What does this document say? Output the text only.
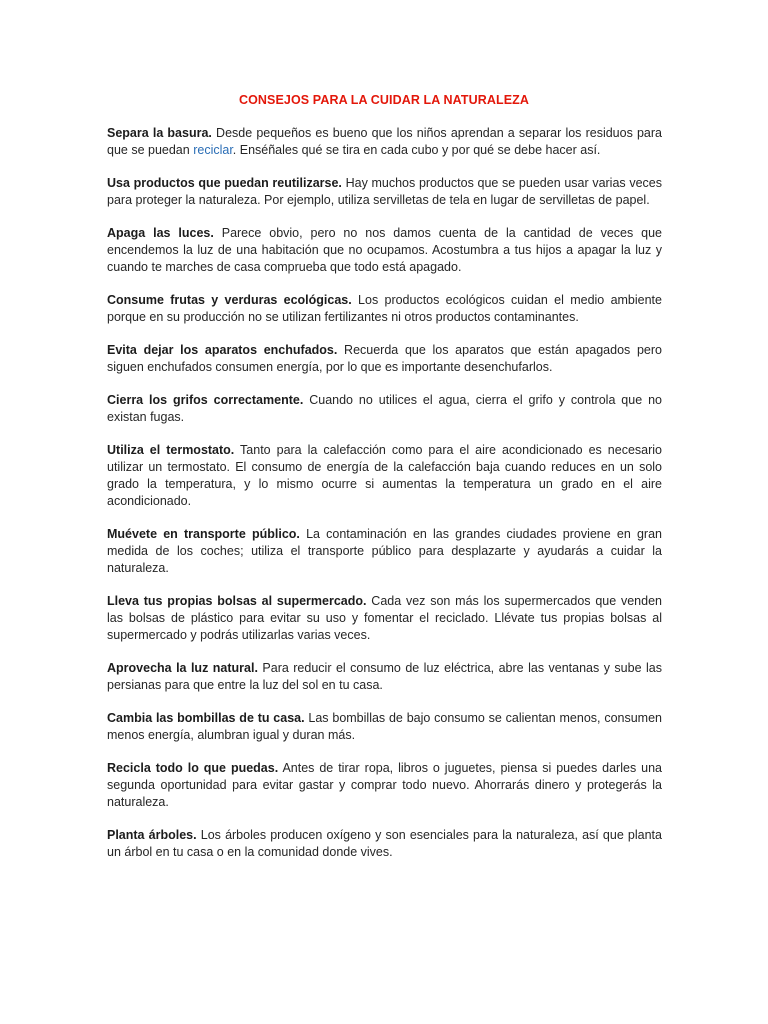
CONSEJOS PARA LA CUIDAR LA NATURALEZA

Separa la basura. Desde pequeños es bueno que los niños aprendan a separar los residuos para que se puedan reciclar. Enséñales qué se tira en cada cubo y por qué se debe hacer así.

Usa productos que puedan reutilizarse. Hay muchos productos que se pueden usar varias veces para proteger la naturaleza. Por ejemplo, utiliza servilletas de tela en lugar de servilletas de papel.

Apaga las luces. Parece obvio, pero no nos damos cuenta de la cantidad de veces que encendemos la luz de una habitación que no ocupamos. Acostumbra a tus hijos a apagar la luz y cuando te marches de casa comprueba que todo está apagado.

Consume frutas y verduras ecológicas. Los productos ecológicos cuidan el medio ambiente porque en su producción no se utilizan fertilizantes ni otros productos contaminantes.

Evita dejar los aparatos enchufados. Recuerda que los aparatos que están apagados pero siguen enchufados consumen energía, por lo que es importante desenchufarlos.

Cierra los grifos correctamente. Cuando no utilices el agua, cierra el grifo y controla que no existan fugas.

Utiliza el termostato. Tanto para la calefacción como para el aire acondicionado es necesario utilizar un termostato. El consumo de energía de la calefacción baja cuando reduces en un solo grado la temperatura, y lo mismo ocurre si aumentas la temperatura un grado en el aire acondicionado.

Muévete en transporte público. La contaminación en las grandes ciudades proviene en gran medida de los coches; utiliza el transporte público para desplazarte y ayudarás a cuidar la naturaleza.

Lleva tus propias bolsas al supermercado. Cada vez son más los supermercados que venden las bolsas de plástico para evitar su uso y fomentar el reciclado. Llévate tus propias bolsas al supermercado y podrás utilizarlas varias veces.

Aprovecha la luz natural. Para reducir el consumo de luz eléctrica, abre las ventanas y sube las persianas para que entre la luz del sol en tu casa.

Cambia las bombillas de tu casa. Las bombillas de bajo consumo se calientan menos, consumen menos energía, alumbran igual y duran más.

Recicla todo lo que puedas. Antes de tirar ropa, libros o juguetes, piensa si puedes darles una segunda oportunidad para evitar gastar y comprar todo nuevo. Ahorrarás dinero y protegerás la naturaleza.

Planta árboles. Los árboles producen oxígeno y son esenciales para la naturaleza, así que planta un árbol en tu casa o en la comunidad donde vives.
